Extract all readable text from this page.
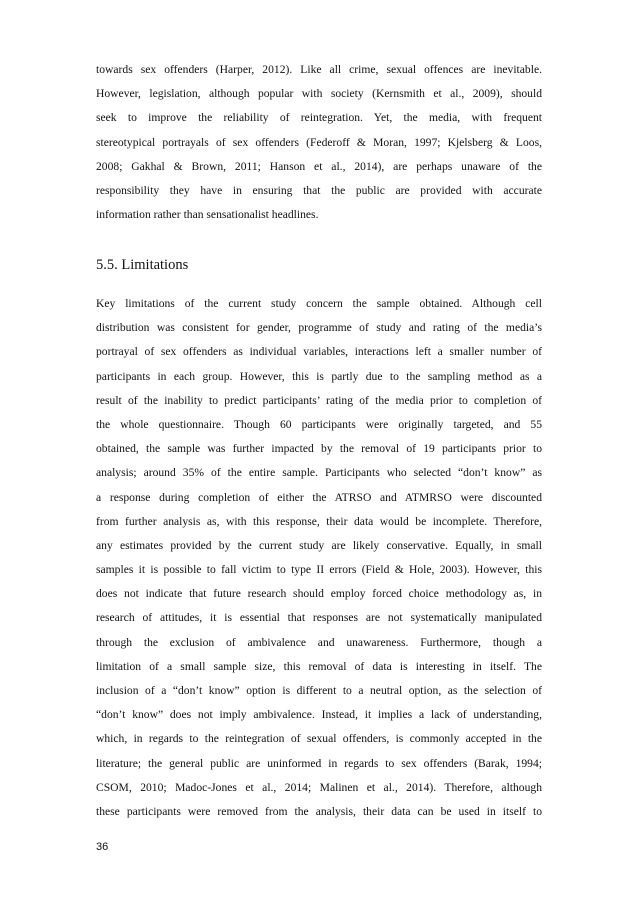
towards sex offenders (Harper, 2012). Like all crime, sexual offences are inevitable.
However, legislation, although popular with society (Kernsmith et al., 2009), should
seek to improve the reliability of reintegration. Yet, the media, with frequent
stereotypical portrayals of sex offenders (Federoff & Moran, 1997; Kjelsberg & Loos,
2008; Gakhal & Brown, 2011; Hanson et al., 2014), are perhaps unaware of the
responsibility they have in ensuring that the public are provided with accurate
information rather than sensationalist headlines.
5.5. Limitations
Key limitations of the current study concern the sample obtained. Although cell
distribution was consistent for gender, programme of study and rating of the media’s
portrayal of sex offenders as individual variables, interactions left a smaller number of
participants in each group. However, this is partly due to the sampling method as a
result of the inability to predict participants’ rating of the media prior to completion of
the whole questionnaire. Though 60 participants were originally targeted, and 55
obtained, the sample was further impacted by the removal of 19 participants prior to
analysis; around 35% of the entire sample. Participants who selected “don’t know” as
a response during completion of either the ATRSO and ATMRSO were discounted
from further analysis as, with this response, their data would be incomplete. Therefore,
any estimates provided by the current study are likely conservative. Equally, in small
samples it is possible to fall victim to type II errors (Field & Hole, 2003). However, this
does not indicate that future research should employ forced choice methodology as, in
research of attitudes, it is essential that responses are not systematically manipulated
through the exclusion of ambivalence and unawareness. Furthermore, though a
limitation of a small sample size, this removal of data is interesting in itself. The
inclusion of a “don’t know” option is different to a neutral option, as the selection of
“don’t know” does not imply ambivalence. Instead, it implies a lack of understanding,
which, in regards to the reintegration of sexual offenders, is commonly accepted in the
literature; the general public are uninformed in regards to sex offenders (Barak, 1994;
CSOM, 2010; Madoc-Jones et al., 2014; Malinen et al., 2014). Therefore, although
these participants were removed from the analysis, their data can be used in itself to
36
